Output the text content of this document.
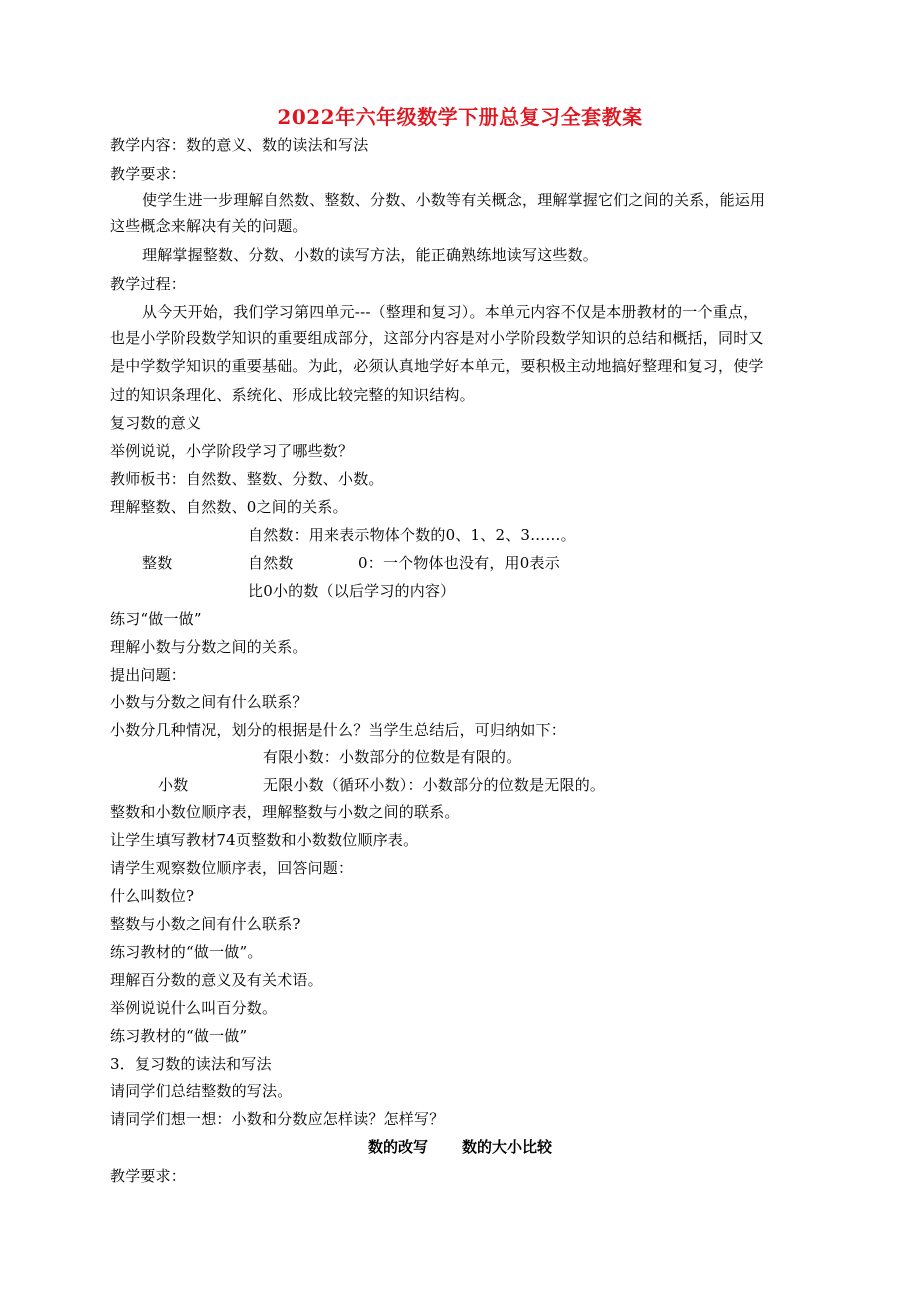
2022年六年级数学下册总复习全套教案
教学内容：数的意义、数的读法和写法
教学要求：
使学生进一步理解自然数、整数、分数、小数等有关概念，理解掌握它们之间的关系，能运用
这些概念来解决有关的问题。
理解掌握整数、分数、小数的读写方法，能正确熟练地读写这些数。
教学过程：
从今天开始，我们学习第四单元---（整理和复习）。本单元内容不仅是本册教材的一个重点，
也是小学阶段数学知识的重要组成部分，这部分内容是对小学阶段数学知识的总结和概括，同时又
是中学数学知识的重要基础。为此，必须认真地学好本单元，要积极主动地搞好整理和复习，使学
过的知识条理化、系统化、形成比较完整的知识结构。
复习数的意义
举例说说，小学阶段学习了哪些数？
教师板书：自然数、整数、分数、小数。
理解整数、自然数、0之间的关系。
自然数：用来表示物体个数的0、1、2、3……。
整数	自然数	0：一个物体也没有，用0表示
比0小的数（以后学习的内容）
练习“做一做”
理解小数与分数之间的关系。
提出问题：
小数与分数之间有什么联系？
小数分几种情况，划分的根据是什么？当学生总结后，可归纳如下：
有限小数：小数部分的位数是有限的。
小数	无限小数（循环小数）：小数部分的位数是无限的。
整数和小数位顺序表，理解整数与小数之间的联系。
让学生填写教材74页整数和小数数位顺序表。
请学生观察数位顺序表，回答问题：
什么叫数位?
整数与小数之间有什么联系?
练习教材的“做一做”。
理解百分数的意义及有关术语。
举例说说什么叫百分数。
练习教材的“做一做”
3．复习数的读法和写法
请同学们总结整数的写法。
请同学们想一想：小数和分数应怎样读？怎样写？
数的改写 数的大小比较
教学要求：
